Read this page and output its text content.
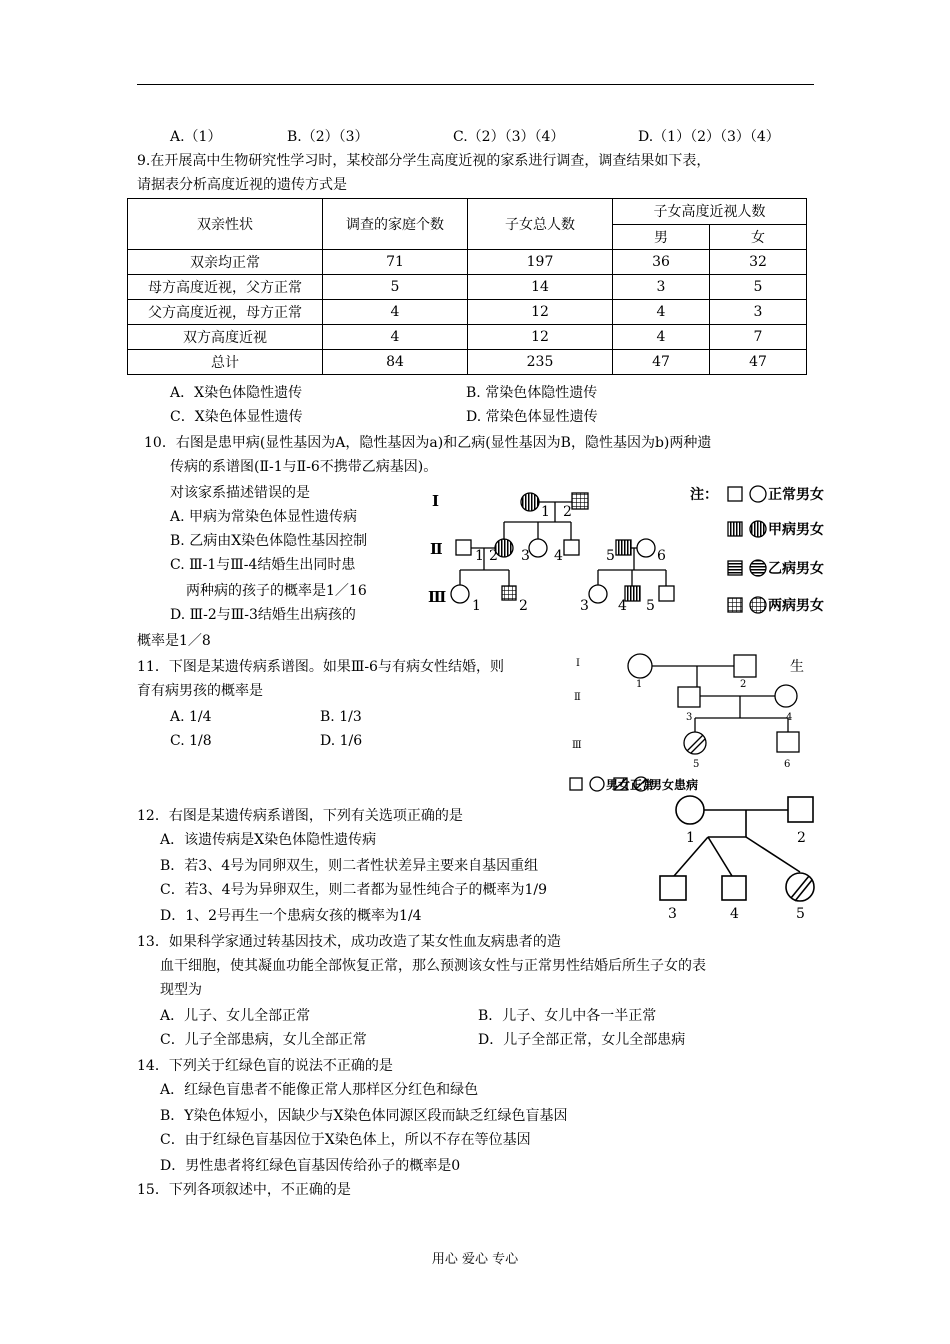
A.（1）	B.（2）（3）	C.（2）（3）（4）	D.（1）（2）（3）（4）
9.在开展高中生物研究性学习时，某校部分学生高度近视的家系进行调查，调查结果如下表，
请据表分析高度近视的遗传方式是
双亲性状	调查的家庭个数	子女总人数	子女高度近视人数	
			男	女
双亲均正常	71	197	36	32
母方高度近视，父方正常	5	14	3	5
父方高度近视，母方正常	4	12	4	3
双方高度近视	4	12	4	7
总计	84	235	47	47
A．X染色体隐性遗传	B. 常染色体隐性遗传
C．X染色体显性遗传	D. 常染色体显性遗传
10．右图是患甲病(显性基因为A，隐性基因为a)和乙病(显性基因为B，隐性基因为b)两种遗
传病的系谱图(Ⅱ-1与Ⅱ-6不携带乙病基因)。
对该家系描述错误的是
A. 甲病为常染色体显性遗传病
B. 乙病由X染色体隐性基因控制
C. Ⅲ-1与Ⅲ-4结婚生出同时患
两种病的孩子的概率是1／16
D. Ⅲ-2与Ⅲ-3结婚生出病孩的
概率是1／8
Ⅰ
Ⅱ
Ⅲ
1 2
1 2 3 4	5	6
1	2	3 4 5
注：	正常男女
甲病男女
乙病男女
两病男女
11．下图是某遗传病系谱图。如果Ⅲ-6与有病女性结婚，则	生
育有病男孩的概率是
A. 1/4	B. 1/3
C. 1/8	D. 1/6
Ⅰ
Ⅱ
Ⅲ
1	2
3	4
5	6
男女正常
男女患病
12．右图是某遗传病系谱图，下列有关选项正确的是
A．该遗传病是X染色体隐性遗传病
B．若3、4号为同卵双生，则二者性状差异主要来自基因重组
C．若3、4号为异卵双生，则二者都为显性纯合子的概率为1/9
D．1、2号再生一个患病女孩的概率为1/4
1	2
3	4	5
13．如果科学家通过转基因技术，成功改造了某女性血友病患者的造
血干细胞，使其凝血功能全部恢复正常，那么预测该女性与正常男性结婚后所生子女的表
现型为
A．儿子、女儿全部正常	B．儿子、女儿中各一半正常
C．儿子全部患病，女儿全部正常	D．儿子全部正常，女儿全部患病
14．下列关于红绿色盲的说法不正确的是
A．红绿色盲患者不能像正常人那样区分红色和绿色
B．Y染色体短小，因缺少与X染色体同源区段而缺乏红绿色盲基因
C．由于红绿色盲基因位于X染色体上，所以不存在等位基因
D．男性患者将红绿色盲基因传给孙子的概率是0
15．下列各项叙述中，不正确的是
用心 爱心 专心
